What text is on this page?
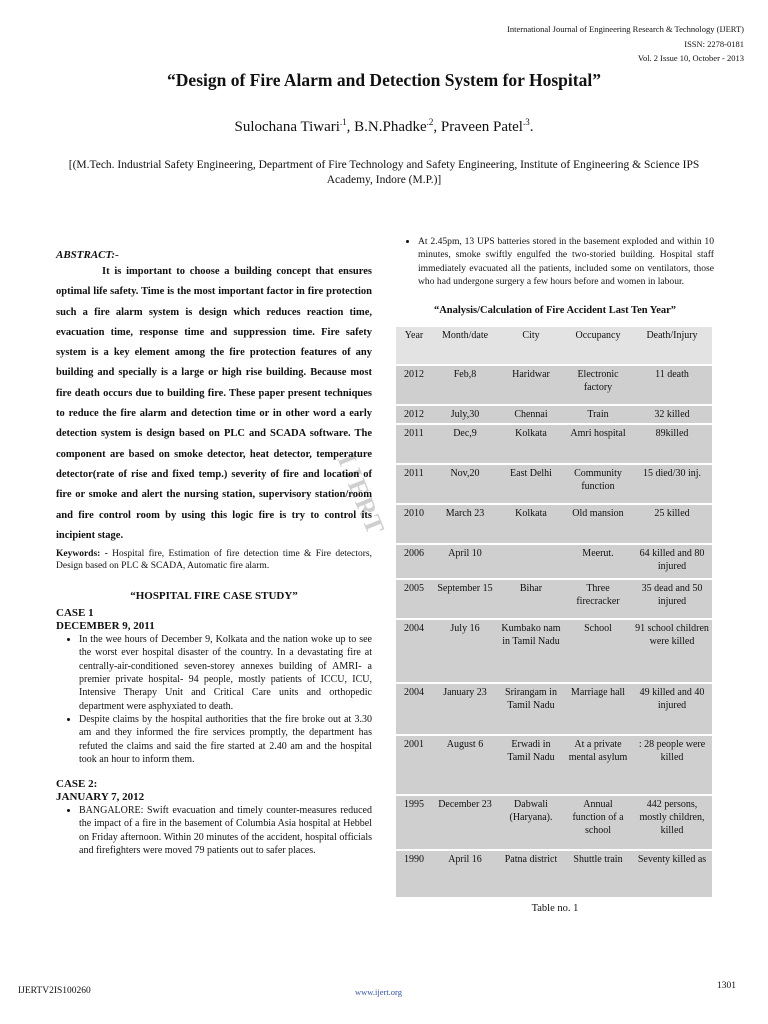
International Journal of Engineering Research & Technology (IJERT)
ISSN: 2278-0181
Vol. 2 Issue 10, October - 2013
“Design of Fire Alarm and Detection System for Hospital”
Sulochana Tiwari$^{.1}$, B.N.Phadke$^{.2}$, Praveen Patel$^{.3}$.
[(M.Tech. Industrial Safety Engineering, Department of Fire Technology and Safety Engineering, Institute of Engineering & Science IPS Academy, Indore (M.P.)]
IJERT

ABSTRACT:-

It is important to choose a building concept that ensures optimal life safety. Time is the most important factor in fire protection such a fire alarm system is design which reduces reaction time, evacuation time, response time and suppression time. Fire safety system is a key element among the fire protection features of any building and specially is a large or high rise building. Because most fire death occurs due to building fire. These paper present techniques to reduce the fire alarm and detection time or in other word a early detection system is design based on PLC and SCADA software. The component are based on smoke detector, heat detector, temperature detector(rate of rise and fixed temp.) severity of fire and location of fire or smoke and alert the nursing station, supervisory station/room and fire control room by using this logic fire is try to control its incipient stage.

Keywords: - Hospital fire, Estimation of fire detection time & Fire detectors, Design based on PLC & SCADA, Automatic fire alarm.

“HOSPITAL FIRE CASE STUDY”

CASE 1

DECEMBER 9, 2011

• In the wee hours of December 9, Kolkata and the nation woke up to see the worst ever hospital disaster of the country. In a devastating fire at centrally-air-conditioned seven-storey annexes building of AMRI- a premier private hospital- 94 people, mostly patients of ICCU, ICU, Intensive Therapy Unit and Critical Care units and orthopedic department were asphyxiated to death.
• Despite claims by the hospital authorities that the fire broke out at 3.30 am and they informed the fire services promptly, the department has refuted the claims and said the fire started at 2.40 am and the hospital took an hour to inform them.

CASE 2:

JANUARY 7, 2012

• BANGALORE: Swift evacuation and timely counter-measures reduced the impact of a fire in the basement of Columbia Asia hospital at Hebbel on Friday afternoon. Within 20 minutes of the accident, hospital officials and firefighters were moved 79 patients out to safer places.
• At 2.45pm, 13 UPS batteries stored in the basement exploded and within 10 minutes, smoke swiftly engulfed the two-storied building. Hospital staff immediately evacuated all the patients, included some on ventilators, those who had undergone surgery a few hours before and women in labour.
“Analysis/Calculation of Fire Accident Last Ten Year”
Year	Month/date	City	Occupancy	Death/Injury
2012	Feb,8	Haridwar	Electronic factory	11 death
2012	July,30	Chennai	Train	32 killed
2011	Dec,9	Kolkata	Amri hospital	89killed
2011	Nov,20	East Delhi	Community function	15 died/30 inj.
2010	March 23	Kolkata	Old mansion	25 killed
2006	April 10		Meerut.	64 killed and 80 injured
2005	September 15	Bihar	Three firecracker	35 dead and 50 injured
2004	July 16	Kumbako nam in Tamil Nadu	School	91 school children were killed
2004	January 23	Srirangam in Tamil Nadu	Marriage hall	49 killed and 40 injured
2001	August 6	Erwadi in Tamil Nadu	At a private mental asylum	: 28 people were killed
1995	December 23	Dabwali (Haryana).	Annual function of a school	442 persons, mostly children, killed
1990	April 16	Patna district	Shuttle train	Seventy killed as
Table no. 1
IJERTV2IS100260	www.ijert.org
1301
